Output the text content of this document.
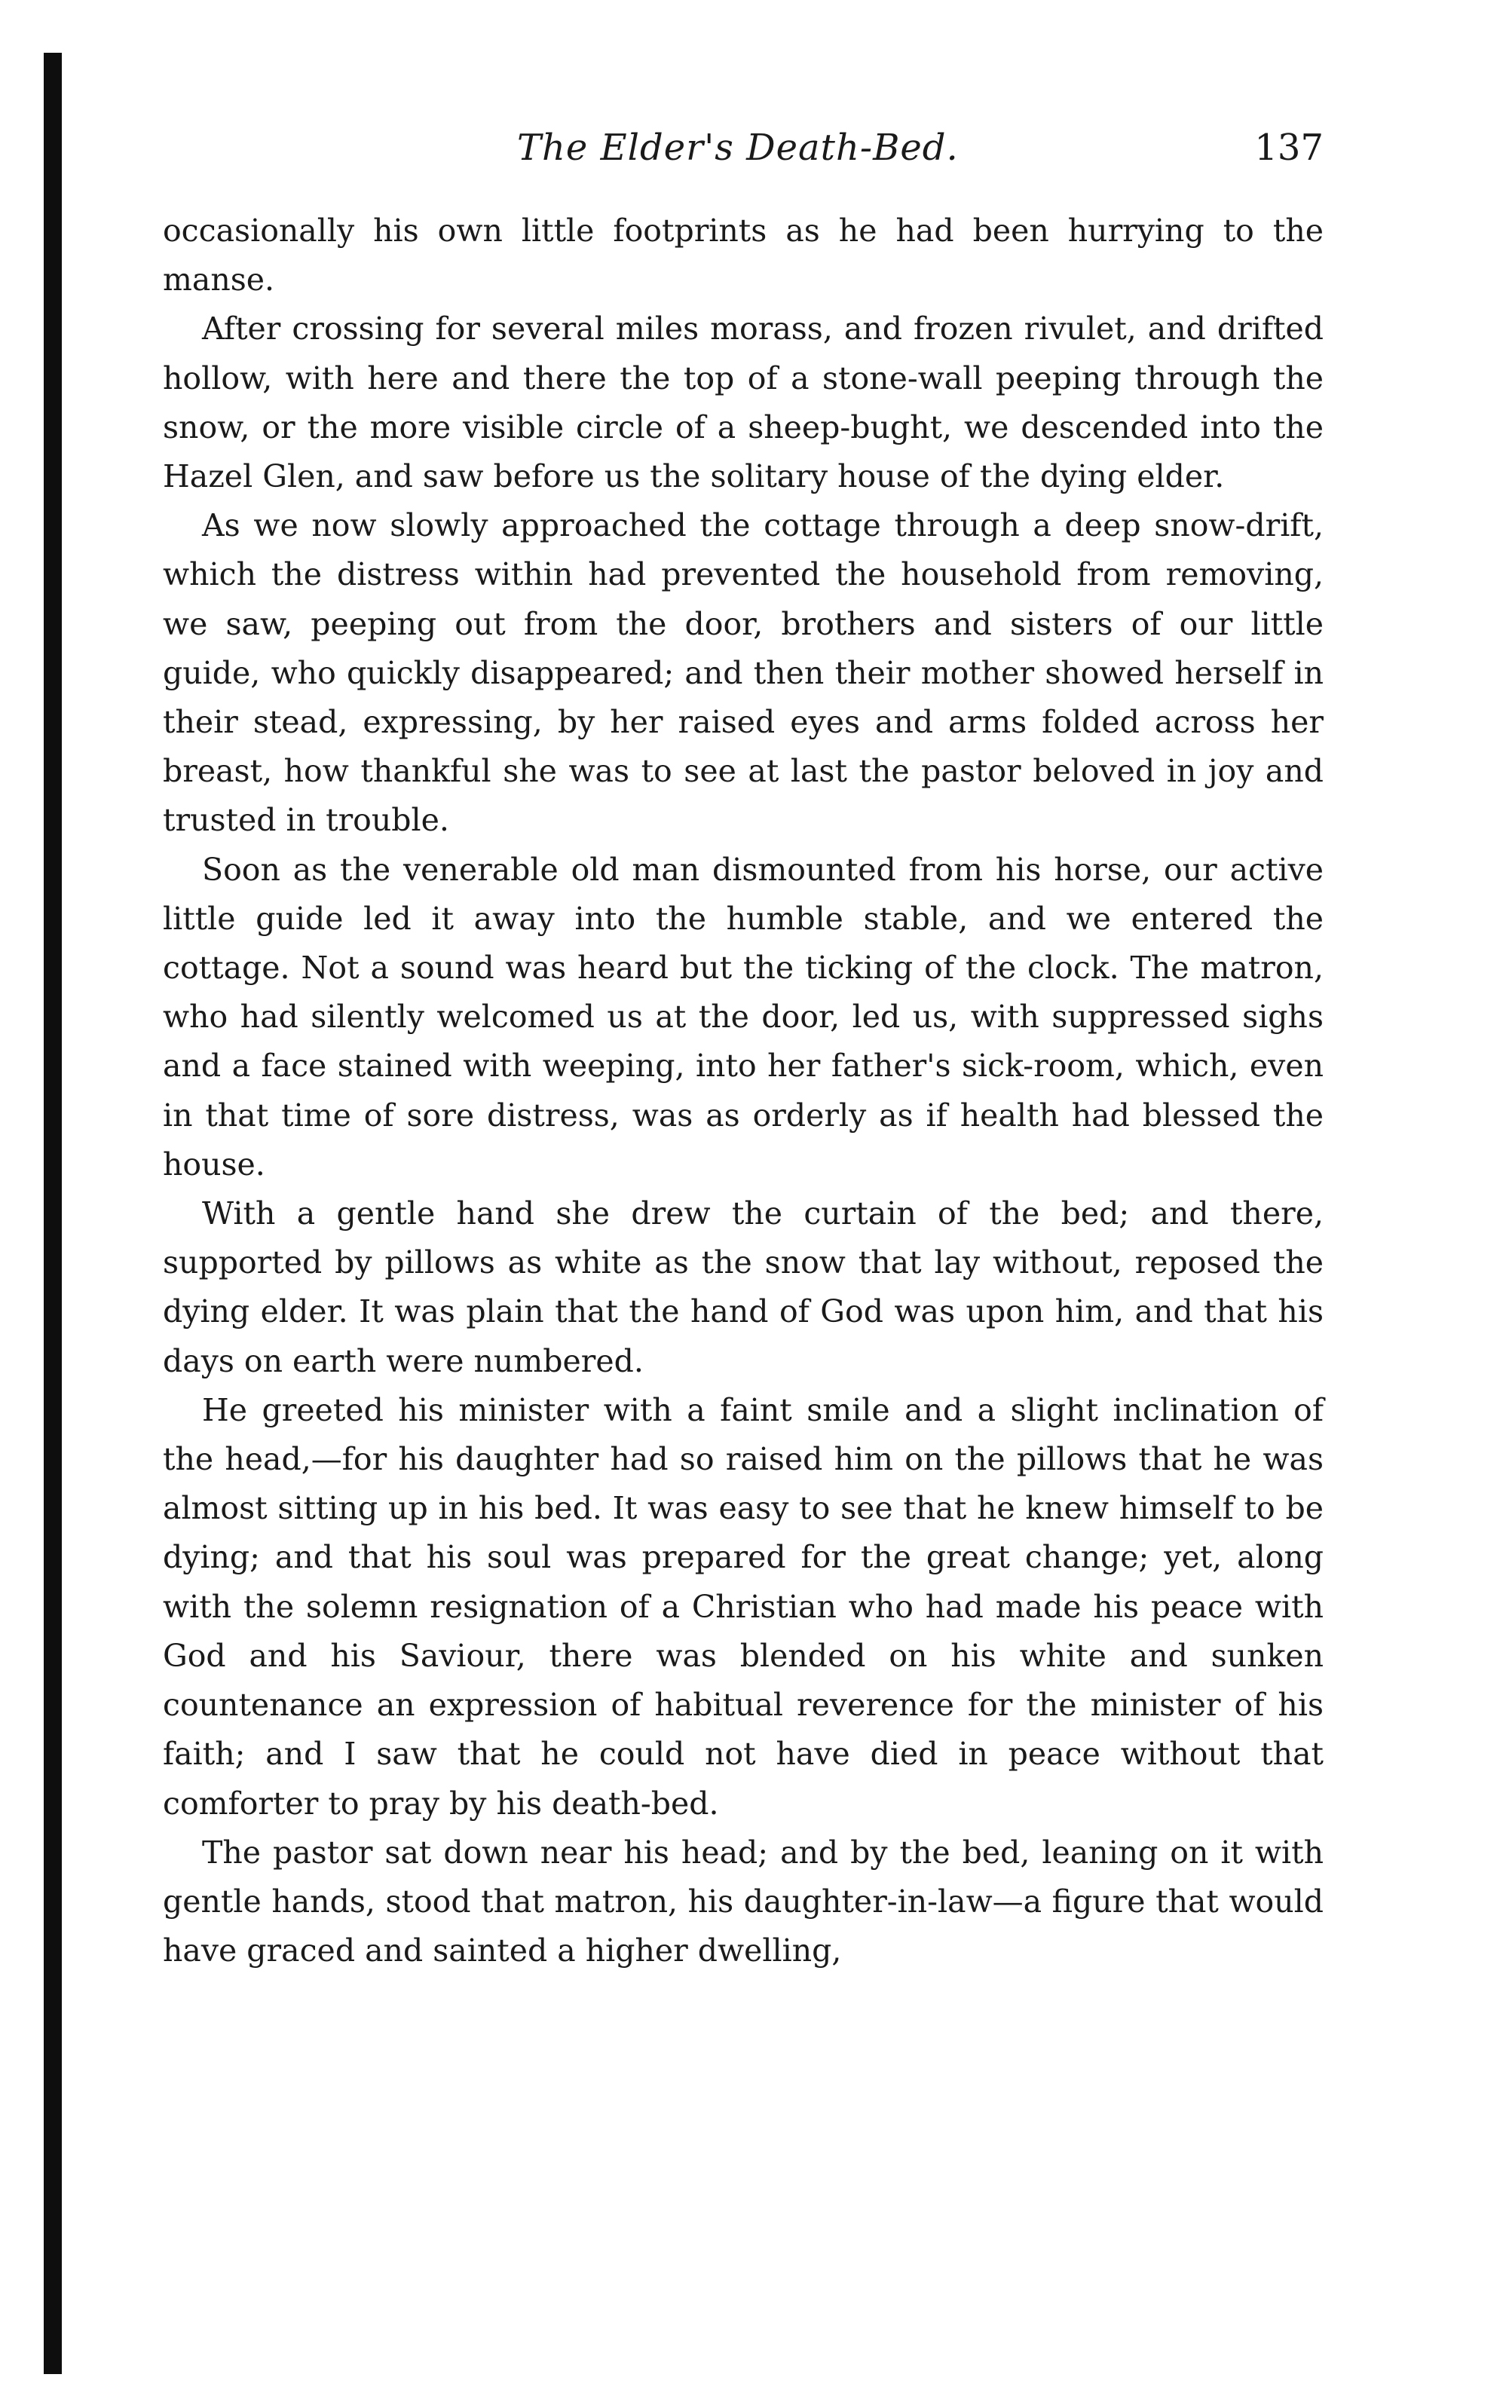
The Elder's Death-Bed.	137

occasionally his own little footprints as he had been hurrying to the manse.

After crossing for several miles morass, and frozen rivulet, and drifted hollow, with here and there the top of a stone-wall peeping through the snow, or the more visible circle of a sheep-bught, we descended into the Hazel Glen, and saw before us the solitary house of the dying elder.

As we now slowly approached the cottage through a deep snow-drift, which the distress within had prevented the household from removing, we saw, peeping out from the door, brothers and sisters of our little guide, who quickly disappeared; and then their mother showed herself in their stead, expressing, by her raised eyes and arms folded across her breast, how thankful she was to see at last the pastor beloved in joy and trusted in trouble.

Soon as the venerable old man dismounted from his horse, our active little guide led it away into the humble stable, and we entered the cottage. Not a sound was heard but the ticking of the clock. The matron, who had silently welcomed us at the door, led us, with suppressed sighs and a face stained with weeping, into her father's sick-room, which, even in that time of sore distress, was as orderly as if health had blessed the house.

With a gentle hand she drew the curtain of the bed; and there, supported by pillows as white as the snow that lay without, reposed the dying elder. It was plain that the hand of God was upon him, and that his days on earth were numbered.

He greeted his minister with a faint smile and a slight inclination of the head,—for his daughter had so raised him on the pillows that he was almost sitting up in his bed. It was easy to see that he knew himself to be dying; and that his soul was prepared for the great change; yet, along with the solemn resignation of a Christian who had made his peace with God and his Saviour, there was blended on his white and sunken countenance an expression of habitual reverence for the minister of his faith; and I saw that he could not have died in peace without that comforter to pray by his death-bed.

The pastor sat down near his head; and by the bed, leaning on it with gentle hands, stood that matron, his daughter-in-law—a figure that would have graced and sainted a higher dwelling,
